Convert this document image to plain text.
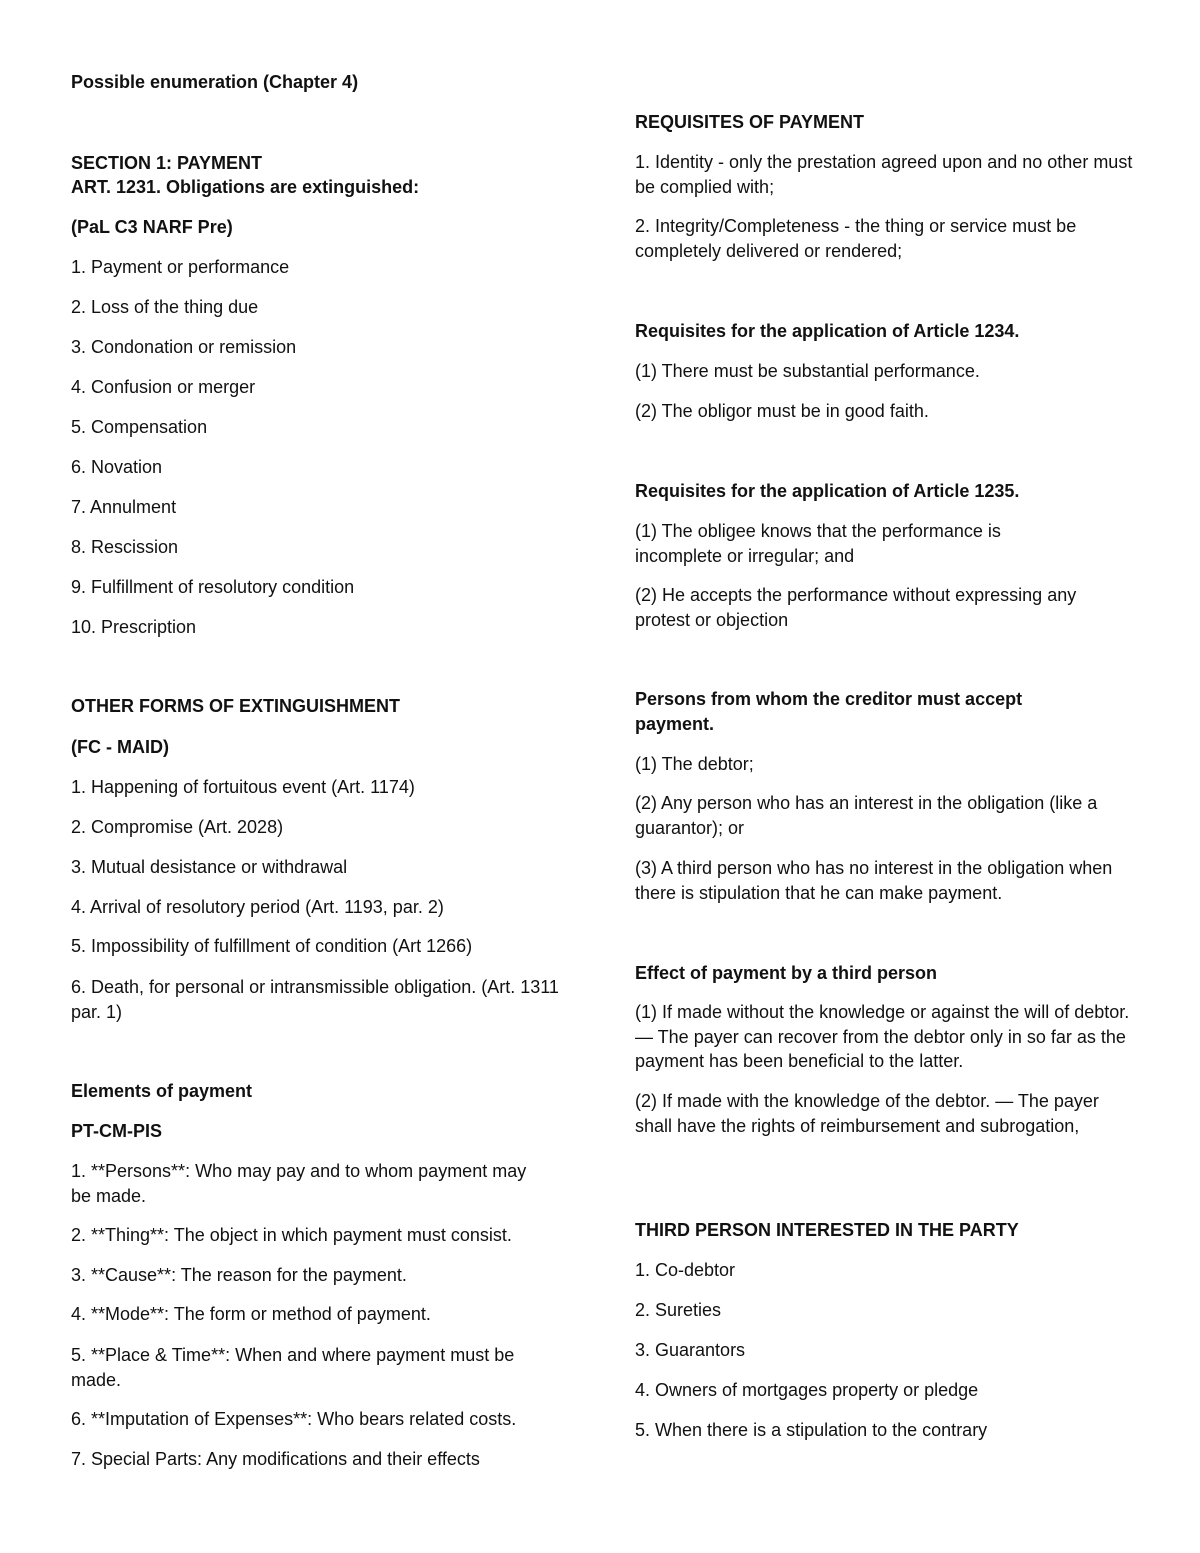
Possible enumeration (Chapter 4)
SECTION 1: PAYMENT
ART. 1231. Obligations are extinguished:
(PaL C3 NARF Pre)
1. Payment or performance
2. Loss of the thing due
3. Condonation or remission
4. Confusion or merger
5. Compensation
6. Novation
7. Annulment
8. Rescission
9. Fulfillment of resolutory condition
10. Prescription
OTHER FORMS OF EXTINGUISHMENT
(FC - MAID)
1. Happening of fortuitous event (Art. 1174)
2. Compromise (Art. 2028)
3. Mutual desistance or withdrawal
4. Arrival of resolutory period (Art. 1193, par. 2)
5. Impossibility of fulfillment of condition (Art 1266)
6. Death, for personal or intransmissible obligation. (Art. 1311 par. 1)
Elements of payment
PT-CM-PIS
1. **Persons**: Who may pay and to whom payment may be made.
2. **Thing**: The object in which payment must consist.
3. **Cause**: The reason for the payment.
4. **Mode**: The form or method of payment.
5. **Place & Time**: When and where payment must be made.
6. **Imputation of Expenses**: Who bears related costs.
7. Special Parts: Any modifications and their effects
REQUISITES OF PAYMENT
1. Identity - only the prestation agreed upon and no other must be complied with;
2. Integrity/Completeness - the thing or service must be completely delivered or rendered;
Requisites for the application of Article 1234.
(1) There must be substantial performance.
(2) The obligor must be in good faith.
Requisites for the application of Article 1235.
(1) The obligee knows that the performance is incomplete or irregular; and
(2) He accepts the performance without expressing any protest or objection
Persons from whom the creditor must accept payment.
(1) The debtor;
(2) Any person who has an interest in the obligation (like a guarantor); or
(3) A third person who has no interest in the obligation when there is stipulation that he can make payment.
Effect of payment by a third person
(1) If made without the knowledge or against the will of debtor. — The payer can recover from the debtor only in so far as the payment has been beneficial to the latter.
(2) If made with the knowledge of the debtor. — The payer shall have the rights of reimbursement and subrogation,
THIRD PERSON INTERESTED IN THE PARTY
1. Co-debtor
2. Sureties
3. Guarantors
4. Owners of mortgages property or pledge
5. When there is a stipulation to the contrary
